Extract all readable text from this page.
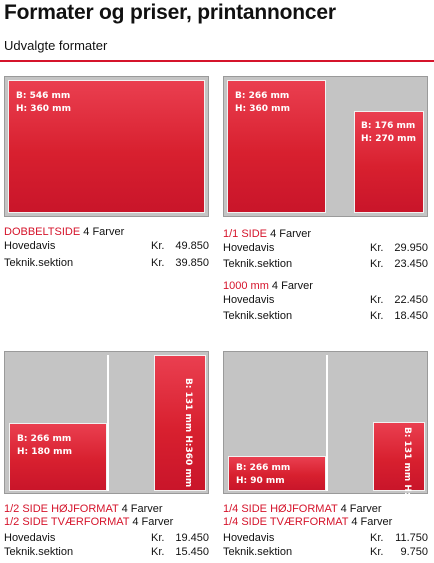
Formater og priser, printannoncer
Udvalgte formater
B: 546 mm
H: 360 mm
B: 266 mm
H: 360 mm
B: 176 mm
H: 270 mm
DOBBELTSIDE 4 Farver
Hovedavis	Kr. 49.850
Teknik.sektion	Kr. 39.850
1/1 SIDE 4 Farver
Hovedavis	Kr. 29.950
Teknik.sektion	Kr. 23.450
1000 mm 4 Farver
Hovedavis	Kr. 22.450
Teknik.sektion	Kr. 18.450
B: 266 mm
H: 180 mm	B: 131 mm H:360 mm	B: 266 mm
H: 90 mm	B: 131 mm H: 180 mm
1/2 SIDE HØJFORMAT 4 Farver
1/2 SIDE TVÆRFORMAT 4 Farver
Hovedavis	Kr. 19.450
Teknik.sektion	Kr. 15.450
1/4 SIDE HØJFORMAT 4 Farver
1/4 SIDE TVÆRFORMAT 4 Farver
Hovedavis	Kr.	11.750
Teknik.sektion	Kr.	9.750
